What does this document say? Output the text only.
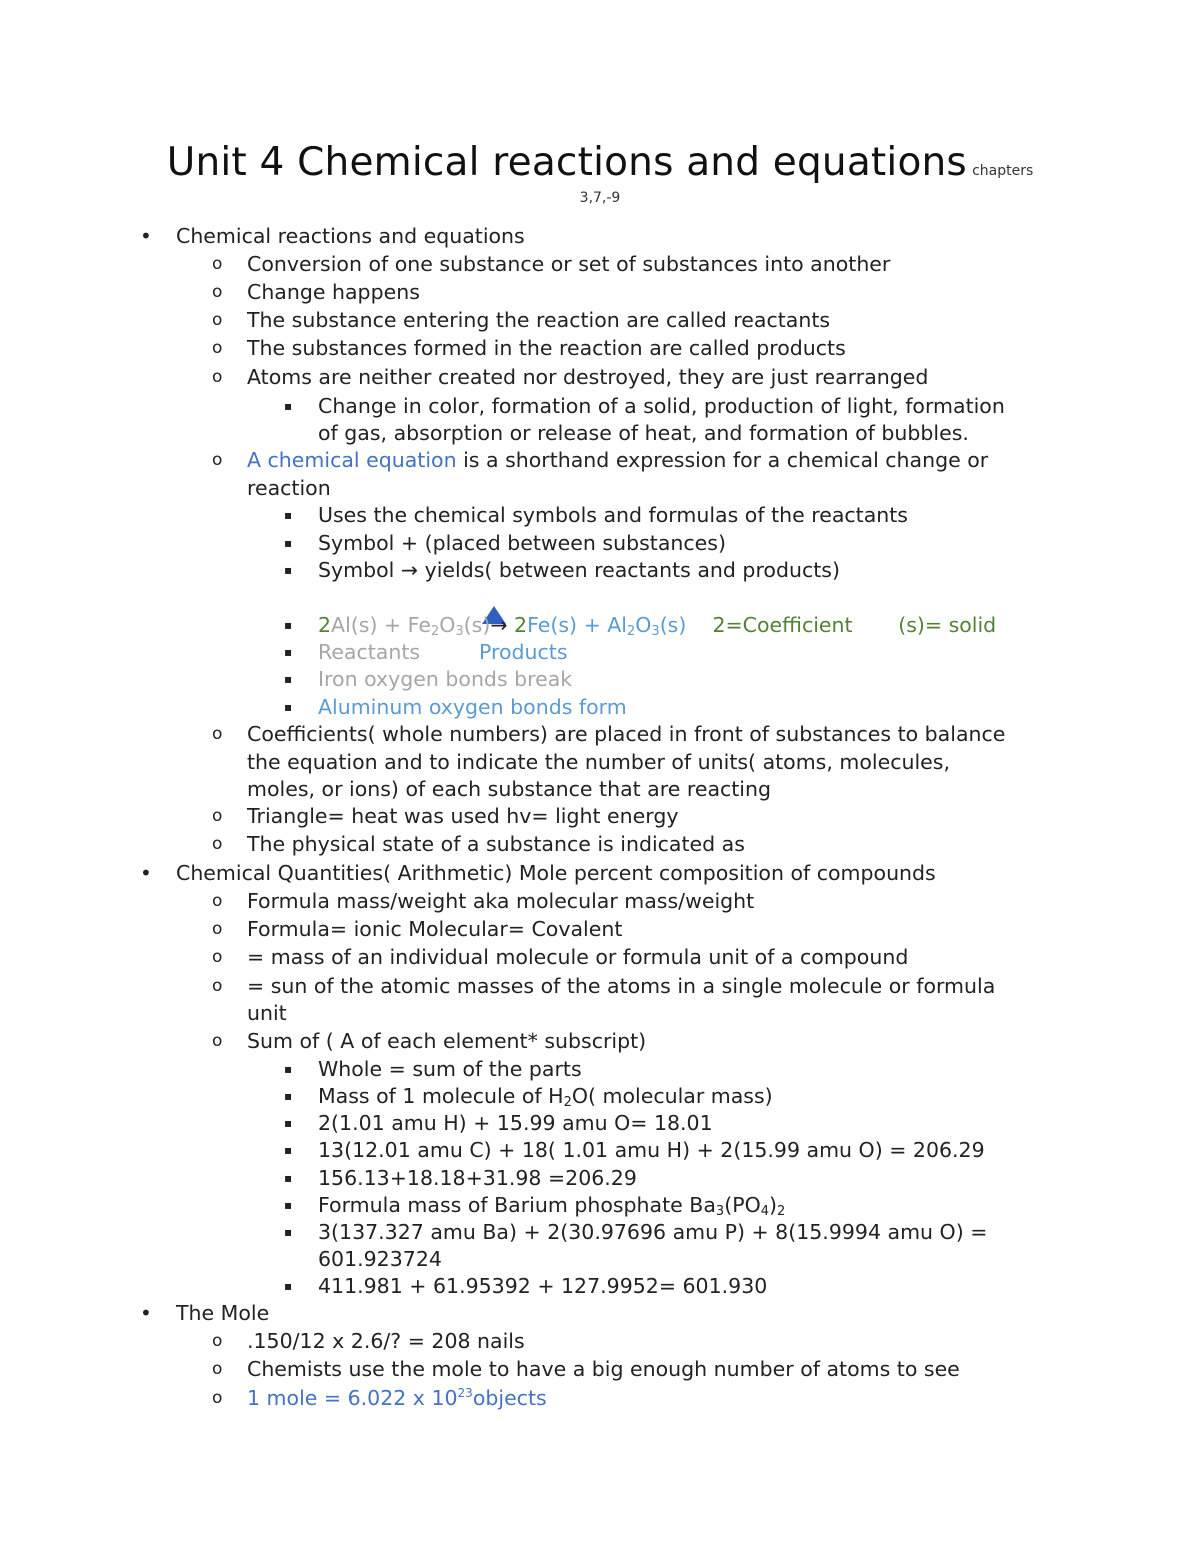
Unit 4 Chemical reactions and equations chapters
3,7,-9
• Chemical reactions and equations
o Conversion of one substance or set of substances into another
o Change happens
o The substance entering the reaction are called reactants
o The substances formed in the reaction are called products
o Atoms are neither created nor destroyed, they are just rearranged
▪ Change in color, formation of a solid, production of light, formation
of gas, absorption or release of heat, and formation of bubbles.
o A chemical equation is a shorthand expression for a chemical change or
reaction
▪ Uses the chemical symbols and formulas of the reactants
▪ Symbol + (placed between substances)
▪ Symbol → yields( between reactants and products)
▪ $2Al(s) + Fe_2O_3(s)\to 2Fe(s) + Al_2O_3(s)$ 2=Coefficient (s)= solid
▪ Reactants	Products
▪ Iron oxygen bonds break
▪ Aluminum oxygen bonds form
o Coefficients( whole numbers) are placed in front of substances to balance
the equation and to indicate the number of units( atoms, molecules,
moles, or ions) of each substance that are reacting
o Triangle= heat was used hv= light energy
o The physical state of a substance is indicated as
• Chemical Quantities( Arithmetic) Mole percent composition of compounds
o Formula mass/weight aka molecular mass/weight
o Formula= ionic Molecular= Covalent
o = mass of an individual molecule or formula unit of a compound
o = sun of the atomic masses of the atoms in a single molecule or formula
unit
o Sum of ( A of each element* subscript)
▪ Whole = sum of the parts
▪ Mass of 1 molecule of $H_2O$( molecular mass)
▪ 2(1.01 amu H) + 15.99 amu O= 18.01
▪ 13(12.01 amu C) + 18( 1.01 amu H) + 2(15.99 amu O) = 206.29
▪ 156.13+18.18+31.98 =206.29
▪ Formula mass of Barium phosphate $Ba_3(PO_4)_2$
▪ 3(137.327 amu Ba) + 2(30.97696 amu P) + 8(15.9994 amu O) =
601.923724
▪ 411.981 + 61.95392 + 127.9952= 601.930
• The Mole
o .150/12 x 2.6/? = 208 nails
o Chemists use the mole to have a big enough number of atoms to see
o 1 mole = 6.022 x $10^{23}objects$
